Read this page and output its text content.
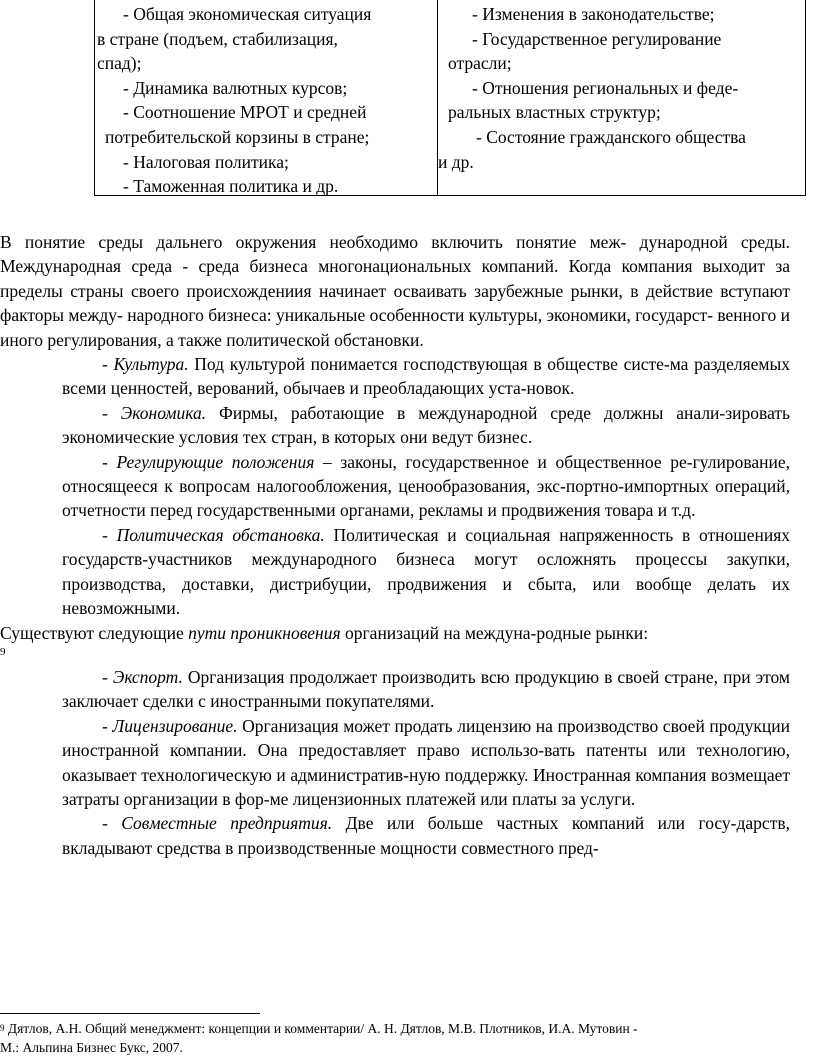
- Общая экономическая ситуация
в стране (подъем, стабилизация,
спад);
- Динамика валютных курсов;
- Соотношение МРОТ и средней
потребительской корзины в стране;
- Налоговая политика;
- Таможенная политика и др.
- Изменения в законодательстве;
- Государственное регулирование
отрасли;
- Отношения региональных и феде-
ральных властных структур;
- Состояние гражданского общества
и др.

В понятие среды дальнего окружения необходимо включить понятие меж- дународной среды. Международная среда - среда бизнеса многонациональных компаний. Когда компания выходит за пределы страны своего происхождениия начинает осваивать зарубежные рынки, в действие вступают факторы между- народного бизнеса: уникальные особенности культуры, экономики, государст- венного и иного регулирования, а также политической обстановки.

- Культура. Под культурой понимается господствующая в обществе систе-ма разделяемых всеми ценностей, верований, обычаев и преобладающих уста-новок.

- Экономика. Фирмы, работающие в международной среде должны анали-зировать экономические условия тех стран, в которых они ведут бизнес.

- Регулирующие положения – законы, государственное и общественное ре-гулирование, относящееся к вопросам налогообложения, ценообразования, экс-портно-импортных операций, отчетности перед государственными органами, рекламы и продвижения товара и т.д.

- Политическая обстановка. Политическая и социальная напряженность в отношениях государств-участников международного бизнеса могут осложнять процессы закупки, производства, доставки, дистрибуции, продвижения и сбыта, или вообще делать их невозможными.

Существуют следующие пути проникновения организаций на междуна-родные рынки:

9

- Экспорт. Организация продолжает производить всю продукцию в своей стране, при этом заключает сделки с иностранными покупателями.

- Лицензирование. Организация может продать лицензию на производство своей продукции иностранной компании. Она предоставляет право использо-вать патенты или технологию, оказывает технологическую и административ-ную поддержку. Иностранная компания возмещает затраты организации в фор-ме лицензионных платежей или платы за услуги.

- Совместные предприятия. Две или больше частных компаний или госу-дарств, вкладывают средства в производственные мощности совместного пред-

$^9$ Дятлов, А.Н. Общий менеджмент: концепции и комментарии/ А. Н. Дятлов, М.В. Плотников, И.А. Мутовин -
М.: Альпина Бизнес Букс, 2007.
